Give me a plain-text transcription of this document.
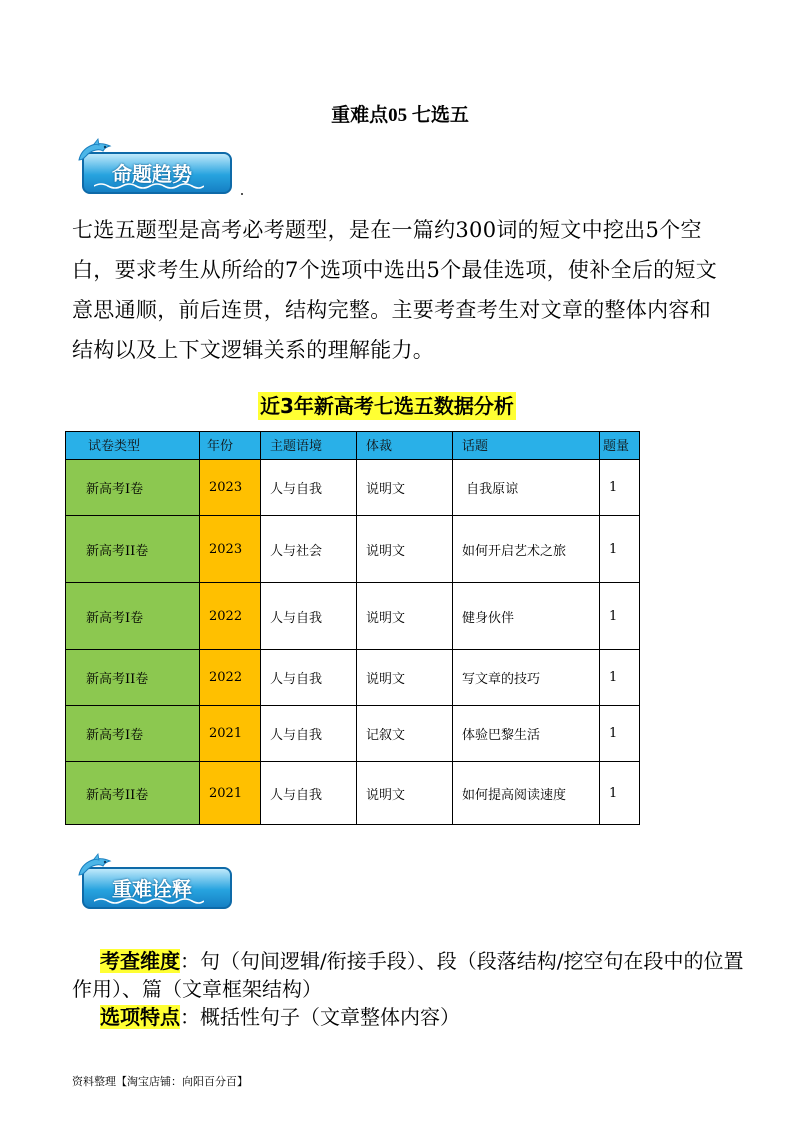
重难点05 七选五
命题趋势
七选五题型是高考必考题型，是在一篇约300词的短文中挖出5个空白，要求考生从所给的7个选项中选出5个最佳选项，使补全后的短文意思通顺，前后连贯，结构完整。主要考查考生对文章的整体内容和结构以及上下文逻辑关系的理解能力。
近3年新高考七选五数据分析
试卷类型	年份	主题语境	体裁	话题	题量
新高考I卷	2023	人与自我	说明文	自我原谅	1
新高考II卷	2023	人与社会	说明文	如何开启艺术之旅	1
新高考I卷	2022	人与自我	说明文	健身伙伴	1
新高考II卷	2022	人与自我	说明文	写文章的技巧	1
新高考I卷	2021	人与自我	记叙文	体验巴黎生活	1
新高考II卷	2021	人与自我	说明文	如何提高阅读速度	1
重难诠释
考查维度：句（句间逻辑/衔接手段）、段（段落结构/挖空句在段中的位置作用）、篇（文章框架结构）
选项特点：概括性句子（文章整体内容）
资料整理【淘宝店铺：向阳百分百】
